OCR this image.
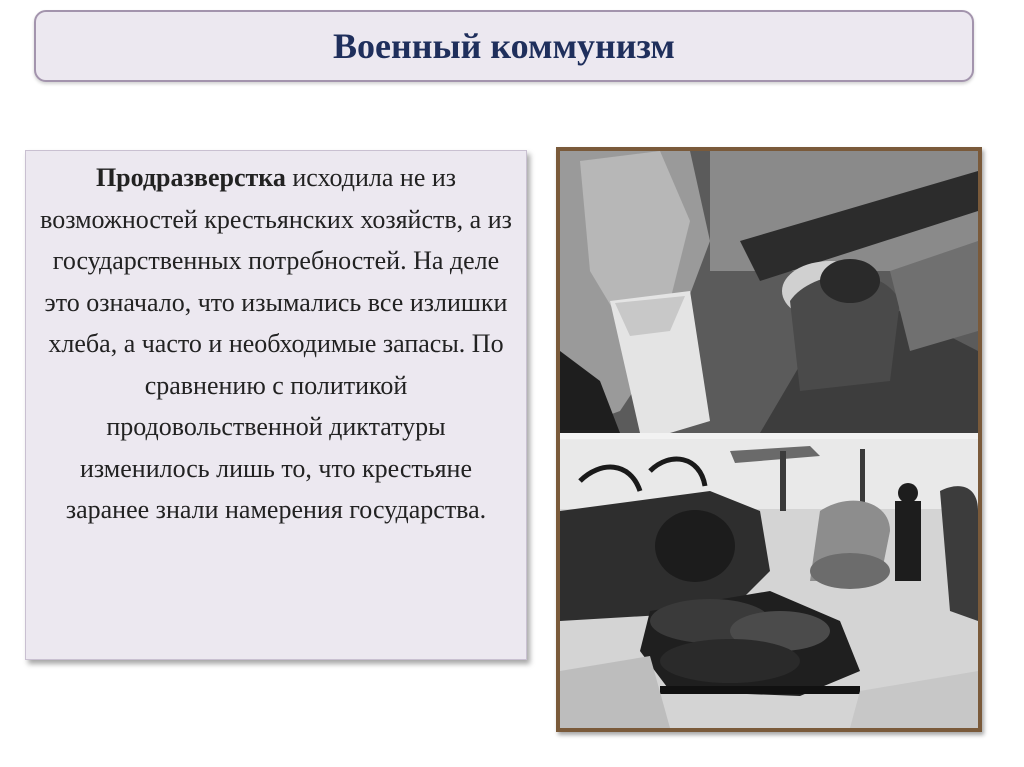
Военный коммунизм

Продразверстка исходила не из возможностей крестьянских хозяйств, а из государственных потребностей. На деле это означало, что изымались все излишки хлеба, а часто и необходимые запасы. По сравнению с политикой продовольственной диктатуры изменилось лишь то, что крестьяне заранее знали намерения государства.
